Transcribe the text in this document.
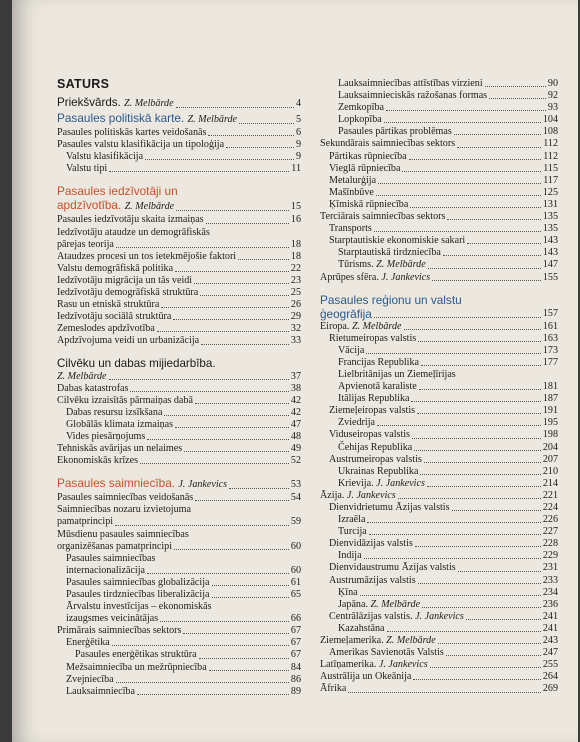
SATURS
Priekšvārds. Z. Melbārde	4
Pasaules politiskā karte. Z. Melbārde	5
Pasaules politiskās kartes veidošanās	6
Pasaules valstu klasifikācija un tipoloģija	9
Valstu klasifikācija	9
Valstu tipi	11
Pasaules iedzīvotāji un
apdzīvotība. Z. Melbārde	15
Pasaules iedzīvotāju skaita izmaiņas	16
Iedzīvotāju ataudze un demogrāfiskās
pārejas teorija	18
Ataudzes procesi un tos ietekmējošie faktori	18
Valstu demogrāfiskā politika	22
Iedzīvotāju migrācija un tās veidi	23
Iedzīvotāju demogrāfiskā struktūra	25
Rasu un etniskā struktūra	26
Iedzīvotāju sociālā struktūra	29
Zemeslodes apdzīvotība	32
Apdzīvojuma veidi un urbanizācija	33
Cilvēku un dabas mijiedarbība.
Z. Melbārde	37
Dabas katastrofas	38
Cilvēku izraisītās pārmaiņas dabā	42
Dabas resursu izsīkšana	42
Globālās klimata izmaiņas	47
Vides piesārņojums	48
Tehniskās avārijas un nelaimes	49
Ekonomiskās krīzes	52
Pasaules saimniecība. J. Jankevics	53
Pasaules saimniecības veidošanās	54
Saimniecības nozaru izvietojuma
pamatprincipi	59
Mūsdienu pasaules saimniecības
organizēšanas pamatprincipi	60
Pasaules saimniecības
internacionalizācija	60
Pasaules saimniecības globalizācija	61
Pasaules tirdzniecības liberalizācija	65
Ārvalstu investīcijas – ekonomiskās
izaugsmes veicinātājas	66
Primārais saimniecības sektors	67
Enerģētika	67
Pasaules enerģētikas struktūra	67
Mežsaimniecība un mežrūpniecība	84
Zvejniecība	86
Lauksaimniecība	89
Lauksaimniecības attīstības virzieni	90
Lauksaimnieciskās ražošanas formas	92
Zemkopība	93
Lopkopība	104
Pasaules pārtikas problēmas	108
Sekundārais saimniecības sektors	112
Pārtikas rūpniecība	112
Vieglā rūpniecība	115
Metalurģija	117
Mašīnbūve	125
Ķīmiskā rūpniecība	131
Terciārais saimniecības sektors	135
Transports	135
Starptautiskie ekonomiskie sakari	143
Starptautiskā tirdzniecība	143
Tūrisms. Z. Melbārde	147
Aprūpes sfēra. J. Jankevics	155
Pasaules reģionu un valstu
ģeogrāfija	157
Eiropa. Z. Melbārde	161
Rietumeiropas valstis	163
Vācija	173
Francijas Republika	177
Lielbritānijas un Ziemeļīrijas
Apvienotā karaliste	181
Itālijas Republika	187
Ziemeļeiropas valstis	191
Zviedrija	195
Viduseiropas valstis	198
Čehijas Republika	204
Austrumeiropas valstis	207
Ukrainas Republika	210
Krievija. J. Jankevics	214
Āzija. J. Jankevics	221
Dienvidrietumu Āzijas valstis	224
Izraēla	226
Turcija	227
Dienvidāzijas valstis	228
Indija	229
Dienvidaustrumu Āzijas valstis	231
Austrumāzijas valstis	233
Ķīna	234
Japāna. Z. Melbārde	236
Centrālāzijas valstis. J. Jankevics	241
Kazahstāna	241
Ziemeļamerika. Z. Melbārde	243
Amerikas Savienotās Valstis	247
Latīņamerika. J. Jankevics	255
Austrālija un Okeānija	264
Āfrika	269
